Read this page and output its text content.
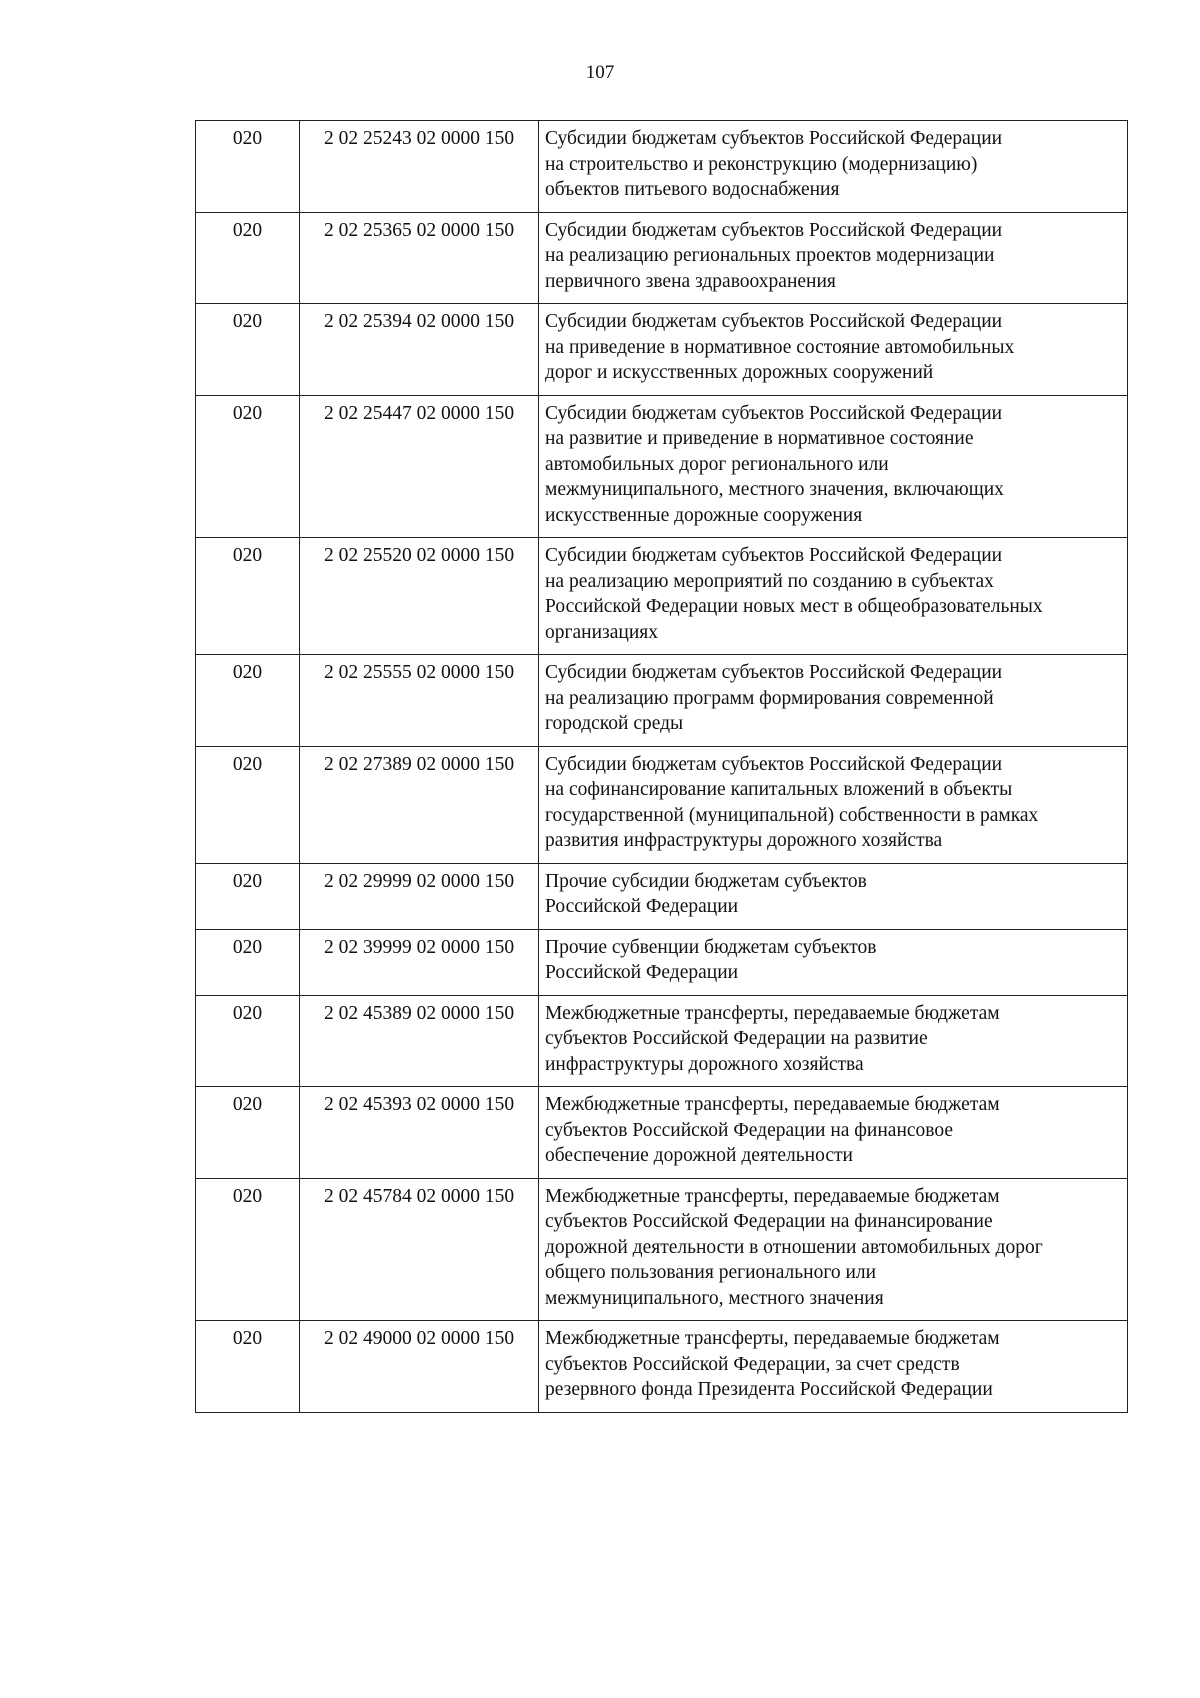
107
020	2 02 25243 02 0000 150	Субсидии бюджетам субъектов Российской Федерации
на строительство и реконструкцию (модернизацию)
объектов питьевого водоснабжения

020	2 02 25365 02 0000 150	Субсидии бюджетам субъектов Российской Федерации
на реализацию региональных проектов модернизации
первичного звена здравоохранения

020	2 02 25394 02 0000 150	Субсидии бюджетам субъектов Российской Федерации
на приведение в нормативное состояние автомобильных
дорог и искусственных дорожных сооружений

020	2 02 25447 02 0000 150	Субсидии бюджетам субъектов Российской Федерации
на развитие и приведение в нормативное состояние
автомобильных дорог регионального или
межмуниципального, местного значения, включающих
искусственные дорожные сооружения

020	2 02 25520 02 0000 150	Субсидии бюджетам субъектов Российской Федерации
на реализацию мероприятий по созданию в субъектах
Российской Федерации новых мест в общеобразовательных
организациях

020	2 02 25555 02 0000 150	Субсидии бюджетам субъектов Российской Федерации
на реализацию программ формирования современной
городской среды

020	2 02 27389 02 0000 150	Субсидии бюджетам субъектов Российской Федерации
на софинансирование капитальных вложений в объекты
государственной (муниципальной) собственности в рамках
развития инфраструктуры дорожного хозяйства

020	2 02 29999 02 0000 150	Прочие субсидии бюджетам субъектов
Российской Федерации

020	2 02 39999 02 0000 150	Прочие субвенции бюджетам субъектов
Российской Федерации

020	2 02 45389 02 0000 150	Межбюджетные трансферты, передаваемые бюджетам
субъектов Российской Федерации на развитие
инфраструктуры дорожного хозяйства

020	2 02 45393 02 0000 150	Межбюджетные трансферты, передаваемые бюджетам
субъектов Российской Федерации на финансовое
обеспечение дорожной деятельности

020	2 02 45784 02 0000 150	Межбюджетные трансферты, передаваемые бюджетам
субъектов Российской Федерации на финансирование
дорожной деятельности в отношении автомобильных дорог
общего пользования регионального или
межмуниципального, местного значения

020	2 02 49000 02 0000 150	Межбюджетные трансферты, передаваемые бюджетам
субъектов Российской Федерации, за счет средств
резервного фонда Президента Российской Федерации
